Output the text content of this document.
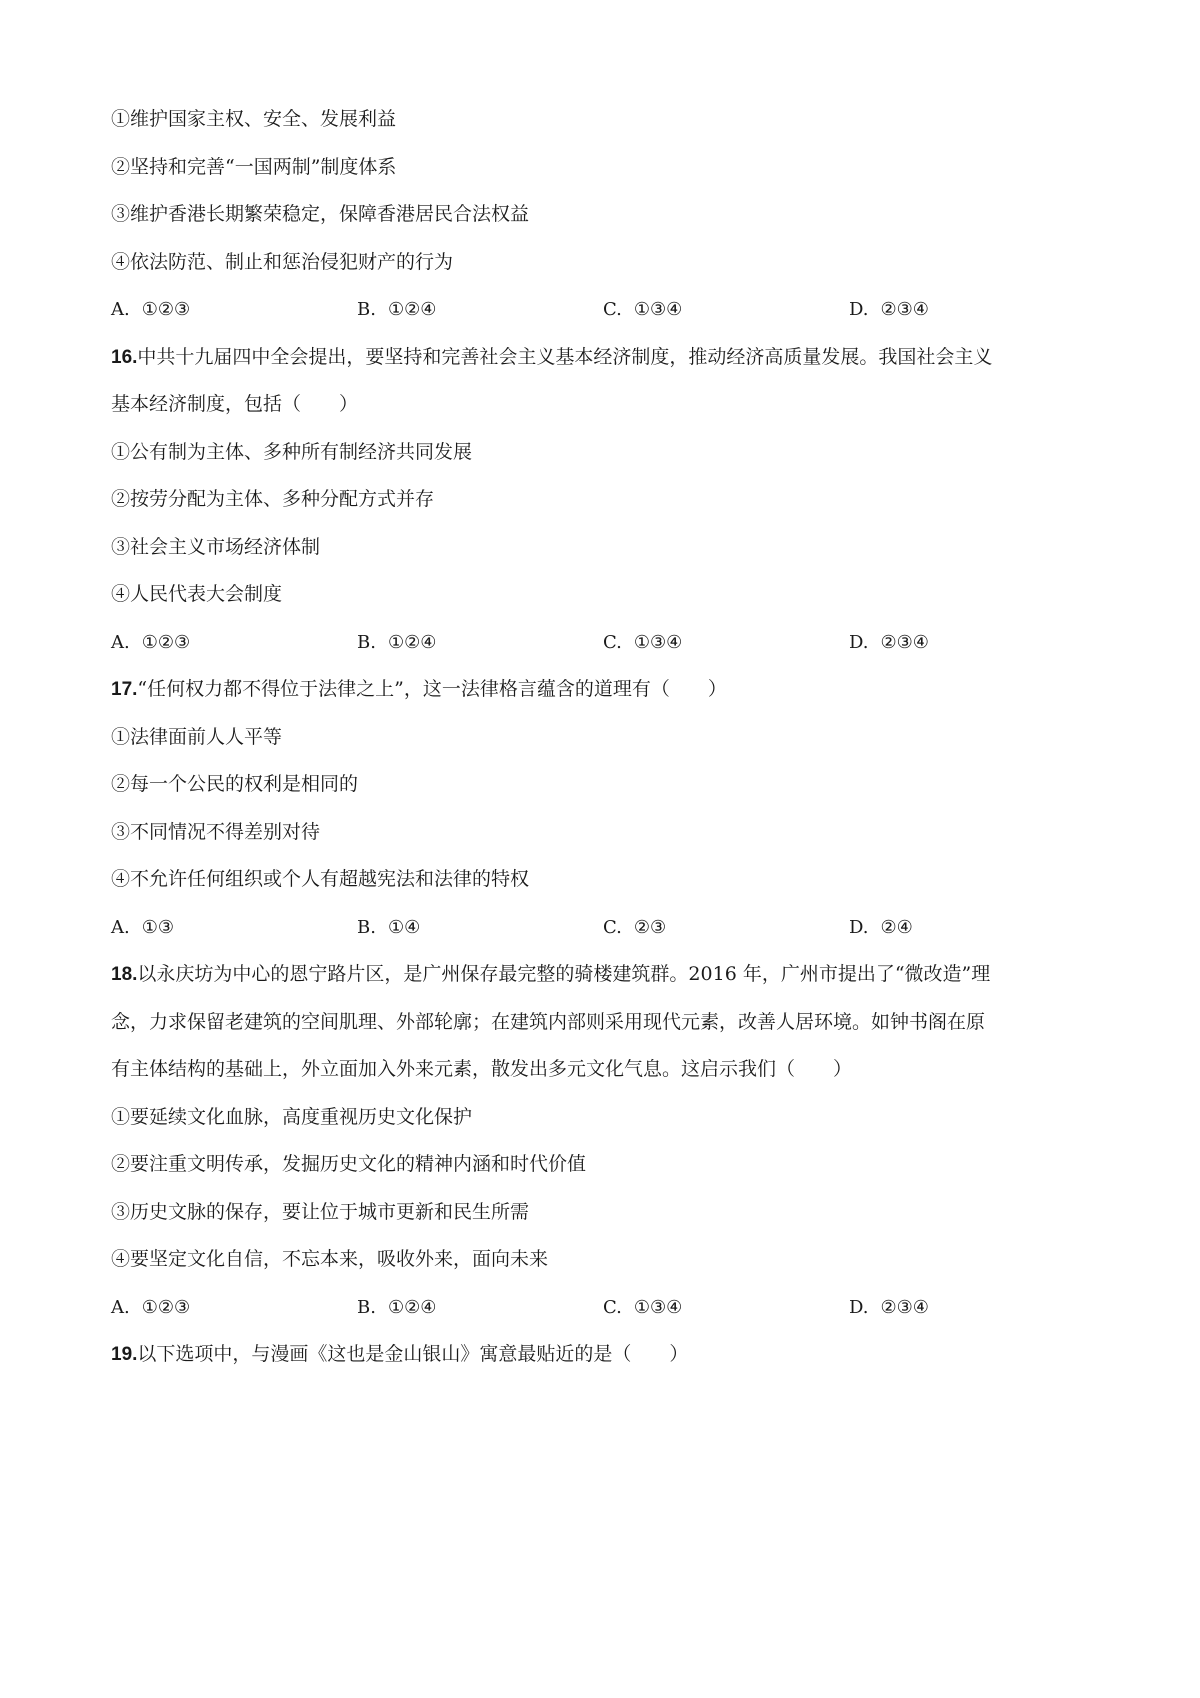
①维护国家主权、安全、发展利益
②坚持和完善“一国两制”制度体系
③维护香港长期繁荣稳定，保障香港居民合法权益
④依法防范、制止和惩治侵犯财产的行为
A. ①②③	B. ①②④	C. ①③④	D. ②③④
16.中共十九届四中全会提出，要坚持和完善社会主义基本经济制度，推动经济高质量发展。我国社会主义
基本经济制度，包括（　　）
①公有制为主体、多种所有制经济共同发展
②按劳分配为主体、多种分配方式并存
③社会主义市场经济体制
④人民代表大会制度
A. ①②③	B. ①②④	C. ①③④	D. ②③④
17.“任何权力都不得位于法律之上”，这一法律格言蕴含的道理有（　　）
①法律面前人人平等
②每一个公民的权利是相同的
③不同情况不得差别对待
④不允许任何组织或个人有超越宪法和法律的特权
A. ①③	B. ①④	C. ②③	D. ②④
18.以永庆坊为中心的恩宁路片区，是广州保存最完整的骑楼建筑群。2016 年，广州市提出了“微改造”理
念，力求保留老建筑的空间肌理、外部轮廓；在建筑内部则采用现代元素，改善人居环境。如钟书阁在原
有主体结构的基础上，外立面加入外来元素，散发出多元文化气息。这启示我们（　　）
①要延续文化血脉，高度重视历史文化保护
②要注重文明传承，发掘历史文化的精神内涵和时代价值
③历史文脉的保存，要让位于城市更新和民生所需
④要坚定文化自信，不忘本来，吸收外来，面向未来
A. ①②③	B. ①②④	C. ①③④	D. ②③④
19.以下选项中，与漫画《这也是金山银山》寓意最贴近的是（　　）
